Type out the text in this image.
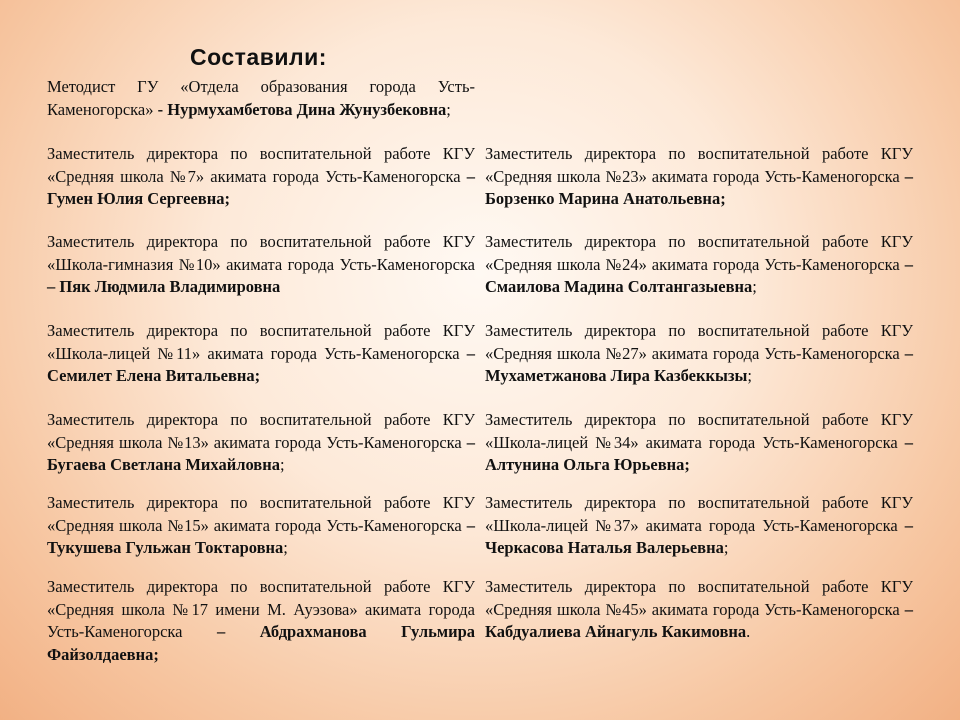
Составили:
Методист ГУ «Отдела образования города Усть-Каменогорска» - Нурмухамбетова Дина Жунузбековна;
Заместитель директора по воспитательной работе КГУ «Средняя школа №7» акимата города Усть-Каменогорска – Гумен Юлия Сергеевна;
Заместитель директора по воспитательной работе КГУ «Школа-гимназия №10» акимата города Усть-Каменогорска – Пяк Людмила Владимировна
Заместитель директора по воспитательной работе КГУ «Школа-лицей №11» акимата города Усть-Каменогорска – Семилет Елена Витальевна;
Заместитель директора по воспитательной работе КГУ «Средняя школа №13» акимата города Усть-Каменогорска – Бугаева Светлана Михайловна;
Заместитель директора по воспитательной работе КГУ «Средняя школа №15» акимата города Усть-Каменогорска – Тукушева Гульжан Токтаровна;
Заместитель директора по воспитательной работе КГУ «Средняя школа №17 имени М. Ауэзова» акимата города Усть-Каменогорска – Абдрахманова Гульмира Файзолдаевна;
Заместитель директора по воспитательной работе КГУ «Средняя школа №23» акимата города Усть-Каменогорска – Борзенко Марина Анатольевна;
Заместитель директора по воспитательной работе КГУ «Средняя школа №24» акимата города Усть-Каменогорска – Смаилова Мадина Солтангазыевна;
Заместитель директора по воспитательной работе КГУ «Средняя школа №27» акимата города Усть-Каменогорска – Мухаметжанова Лира Казбеккызы;
Заместитель директора по воспитательной работе КГУ «Школа-лицей №34» акимата города Усть-Каменогорска – Алтунина Ольга Юрьевна;
Заместитель директора по воспитательной работе КГУ «Школа-лицей №37» акимата города Усть-Каменогорска – Черкасова Наталья Валерьевна;
Заместитель директора по воспитательной работе КГУ «Средняя школа №45» акимата города Усть-Каменогорска – Кабдуалиева Айнагуль Какимовна.
